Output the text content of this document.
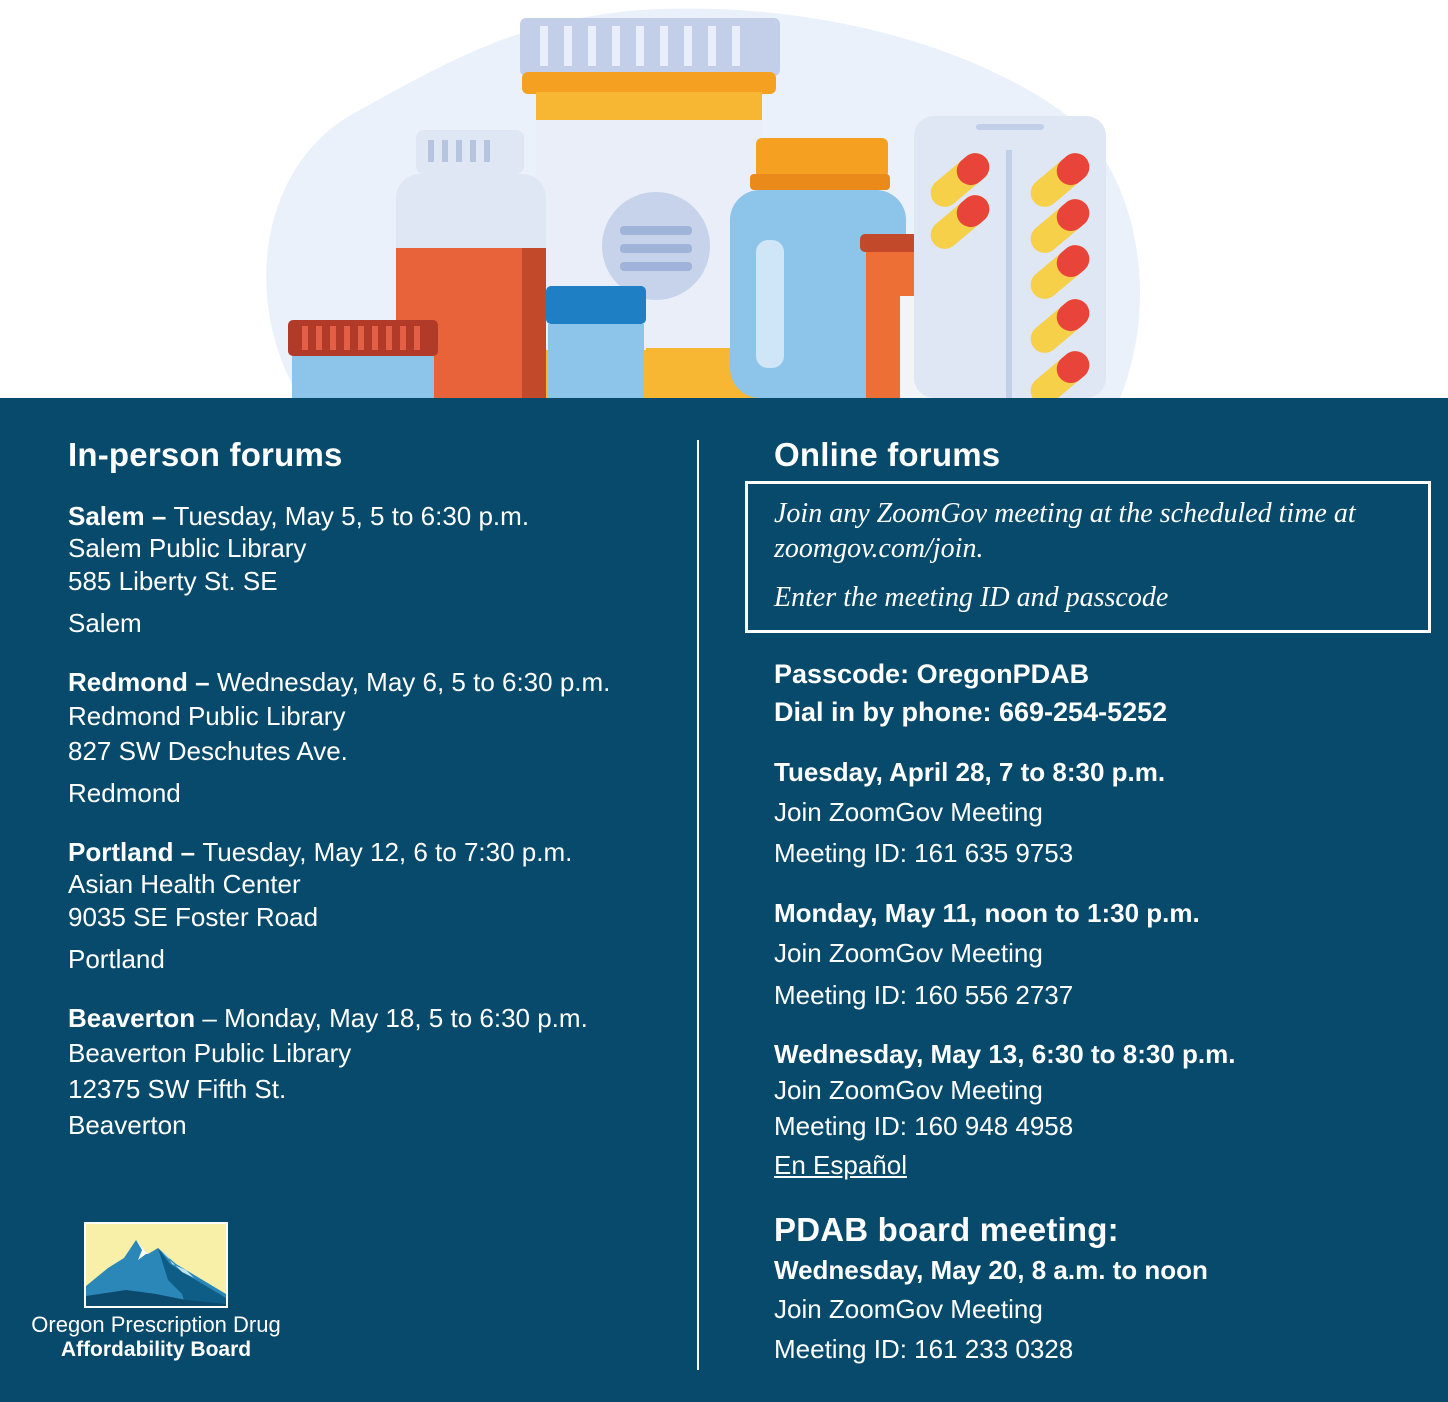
In-person forums
Salem – Tuesday, May 5, 5 to 6:30 p.m.
Salem Public Library
585 Liberty St. SE
Salem
Redmond – Wednesday, May 6, 5 to 6:30 p.m.
Redmond Public Library
827 SW Deschutes Ave.
Redmond
Portland – Tuesday, May 12, 6 to 7:30 p.m.
Asian Health Center
9035 SE Foster Road
Portland
Beaverton – Monday, May 18, 5 to 6:30 p.m.
Beaverton Public Library
12375 SW Fifth St.
Beaverton
Oregon Prescription Drug
Affordability Board
Online forums
Join any ZoomGov meeting at the scheduled time at
zoomgov.com/join.
Enter the meeting ID and passcode
Passcode: OregonPDAB
Dial in by phone: 669-254-5252
Tuesday, April 28, 7 to 8:30 p.m.
Join ZoomGov Meeting
Meeting ID: 161 635 9753
Monday, May 11, noon to 1:30 p.m.
Join ZoomGov Meeting
Meeting ID: 160 556 2737
Wednesday, May 13, 6:30 to 8:30 p.m.
Join ZoomGov Meeting
Meeting ID: 160 948 4958
En Español
PDAB board meeting:
Wednesday, May 20, 8 a.m. to noon
Join ZoomGov Meeting
Meeting ID: 161 233 0328
